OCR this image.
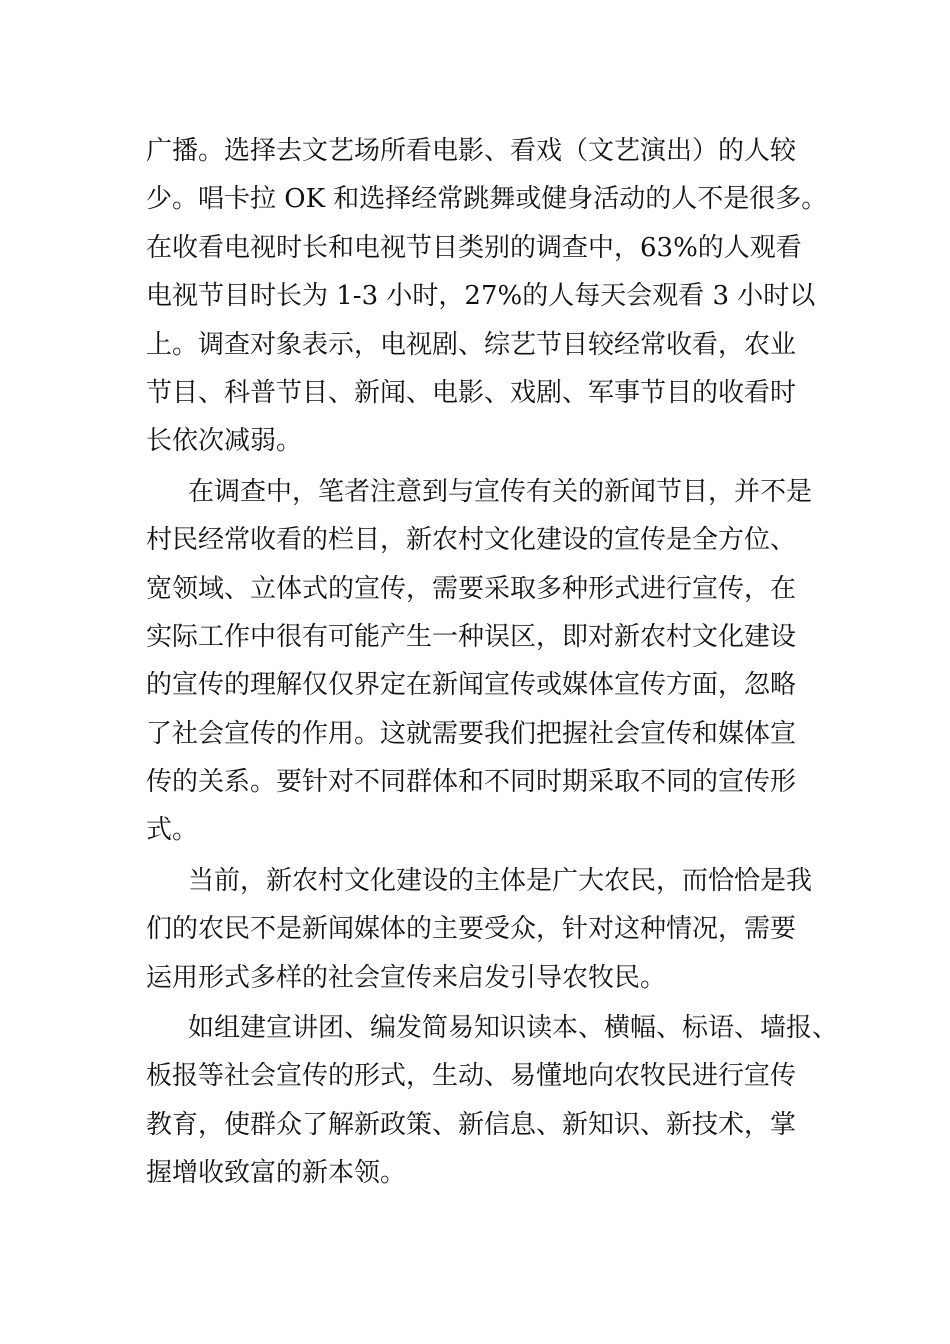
广播。选择去文艺场所看电影、看戏（文艺演出）的人较

少。唱卡拉 OK 和选择经常跳舞或健身活动的人不是很多。

在收看电视时长和电视节目类别的调查中，63%的人观看

电视节目时长为 1-3 小时，27%的人每天会观看 3 小时以

上。调查对象表示，电视剧、综艺节目较经常收看，农业

节目、科普节目、新闻、电影、戏剧、军事节目的收看时

长依次减弱。

在调查中，笔者注意到与宣传有关的新闻节目，并不是

村民经常收看的栏目，新农村文化建设的宣传是全方位、

宽领域、立体式的宣传，需要采取多种形式进行宣传，在

实际工作中很有可能产生一种误区，即对新农村文化建设

的宣传的理解仅仅界定在新闻宣传或媒体宣传方面，忽略

了社会宣传的作用。这就需要我们把握社会宣传和媒体宣

传的关系。要针对不同群体和不同时期采取不同的宣传形

式。

当前，新农村文化建设的主体是广大农民，而恰恰是我

们的农民不是新闻媒体的主要受众，针对这种情况，需要

运用形式多样的社会宣传来启发引导农牧民。

如组建宣讲团、编发简易知识读本、横幅、标语、墙报、

板报等社会宣传的形式，生动、易懂地向农牧民进行宣传

教育，使群众了解新政策、新信息、新知识、新技术，掌

握增收致富的新本领。
